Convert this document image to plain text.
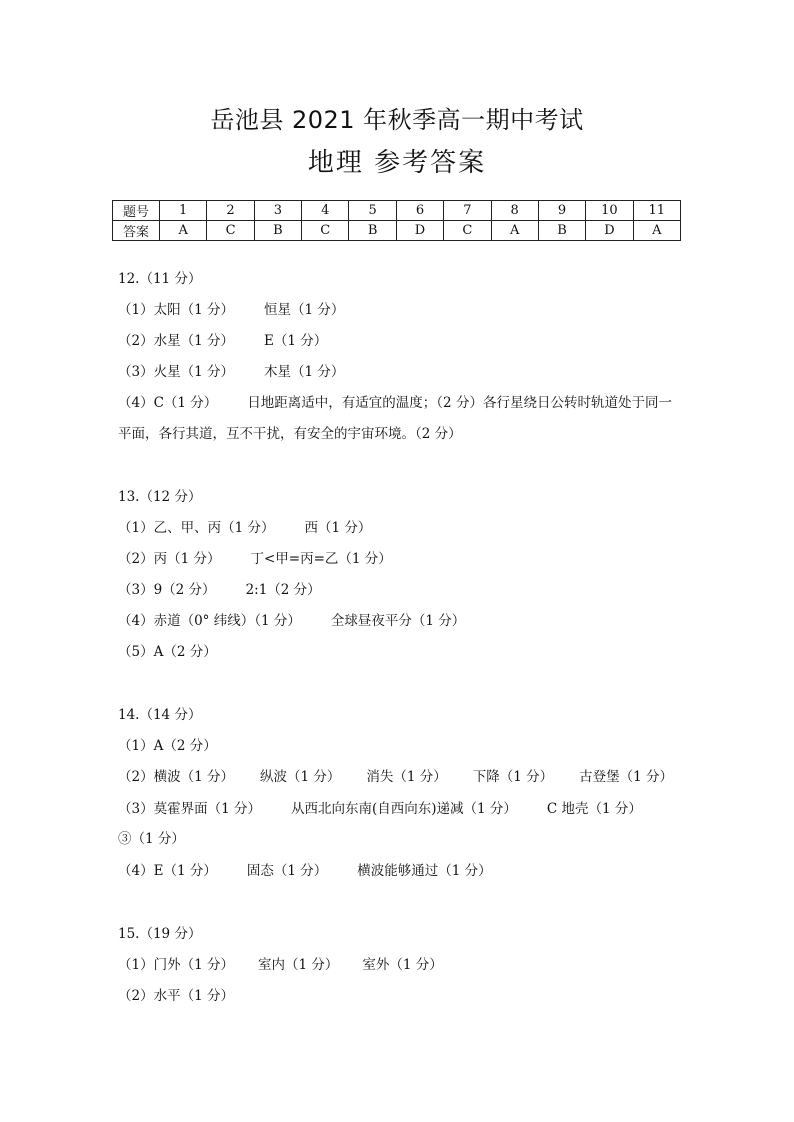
岳池县 2021 年秋季高一期中考试
地理 参考答案
题号	1	2	3	4	5	6	7	8	9	10	11
答案	A	C	B	C	B	D	C	A	B	D	A
12.（11 分）
（1）太阳（1 分） 恒星（1 分）
（2）水星（1 分） E（1 分）
（3）火星（1 分） 木星（1 分）
（4）C（1 分） 日地距离适中，有适宜的温度；（2 分）各行星绕日公转时轨道处于同一平面，各行其道，互不干扰，有安全的宇宙环境。（2 分）
13.（12 分）
（1）乙、甲、丙（1 分） 西（1 分）
（2）丙（1 分） 丁<甲=丙=乙（1 分）
（3）9（2 分） 2:1（2 分）
（4）赤道（0° 纬线）（1 分） 全球昼夜平分（1 分）
（5）A（2 分）
14.（14 分）
（1）A（2 分）
（2）横波（1 分） 纵波（1 分） 消失（1 分） 下降（1 分） 古登堡（1 分）
（3）莫霍界面（1 分） 从西北向东南(自西向东)递减（1 分） C 地壳（1 分）
③（1 分）
（4）E（1 分） 固态（1 分） 横波能够通过（1 分）
15.（19 分）
（1）门外（1 分） 室内（1 分） 室外（1 分）
（2）水平（1 分）
